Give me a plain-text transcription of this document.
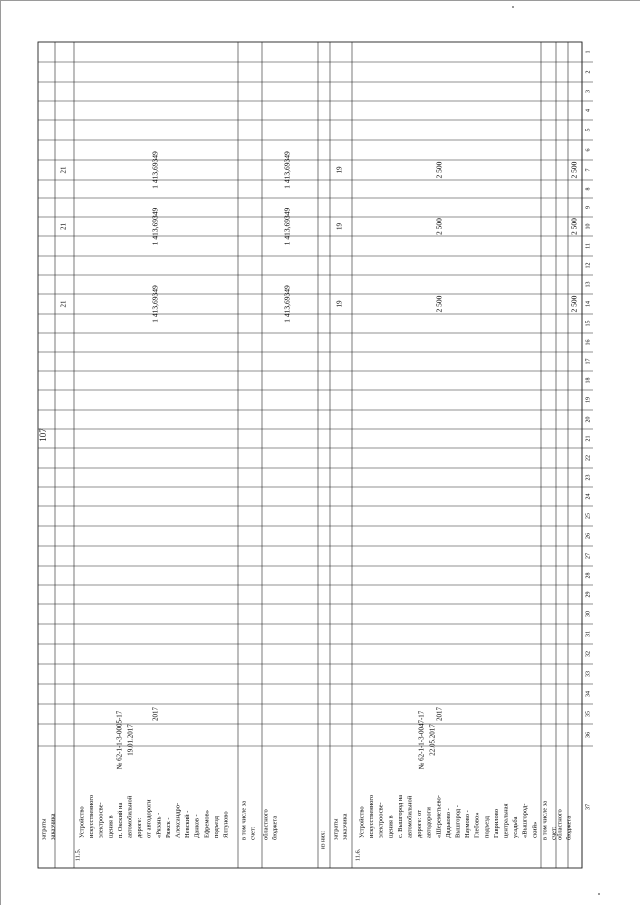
1
2
3
4
5
6
7
8
9
10
11
12
13
14
15
16
17
18
19
20
21
22
23
24
25
26
27
28
29
30
31
32
33
34
35
36
37
затраты заказчика
21
21
21
11.5.
Устройство искусственного электроосве- щения в п. Окский на автомобильной дороге: от автодороги «Рязань - Ряжск - Александро- Невский - Данков - Ефремов» подъезд Ялтуново
№ 62-1-1-3-0005-17 19.01.2017
2017
1 413,69349
1 413,69349
1 413,69349
в том числе за счет: областного бюджета
1 413,69349
1 413,69349
1 413,69349
из них: затраты заказчика
19
19
19
11.6.
Устройство искусственного электроосве- щения в с. Вышгород на автомобильной дороге: от автодороги «Шереметьево- Дядьково - Вышгород - Наумово - Глебово» подъезд Гаврилово центральная усадьба «Вышгород- ский»
№ 62-1-1-3-0047-17 22.05.2017
2017
2 500
2 500
2 500
в том числе за счет: областного бюджета
2 500
2 500
2 500
107
